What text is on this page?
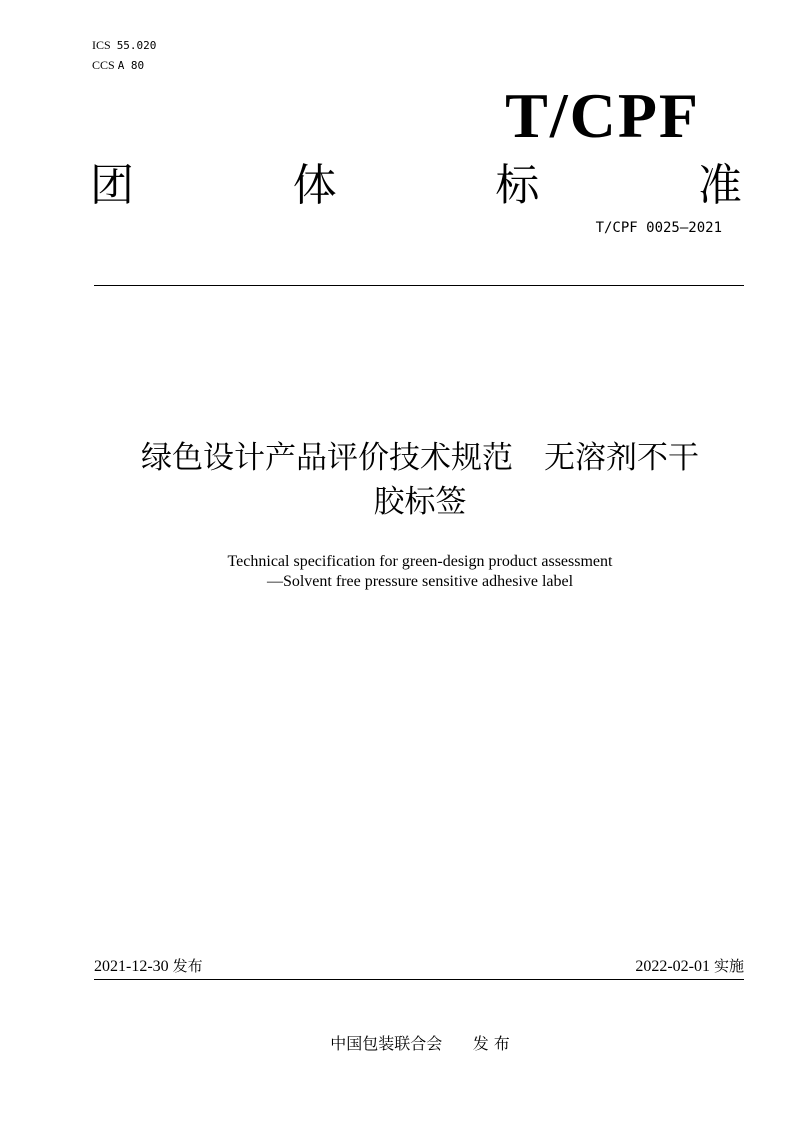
ICS 55.020
CCS A 80
T/CPF
团	体	标	准
T/CPF 0025—2021
绿色设计产品评价技术规范　无溶剂不干
胶标签
Technical specification for green-design product assessment
—Solvent free pressure sensitive adhesive label
2021-12-30 发布	2022-02-01 实施
中国包装联合会 发 布
